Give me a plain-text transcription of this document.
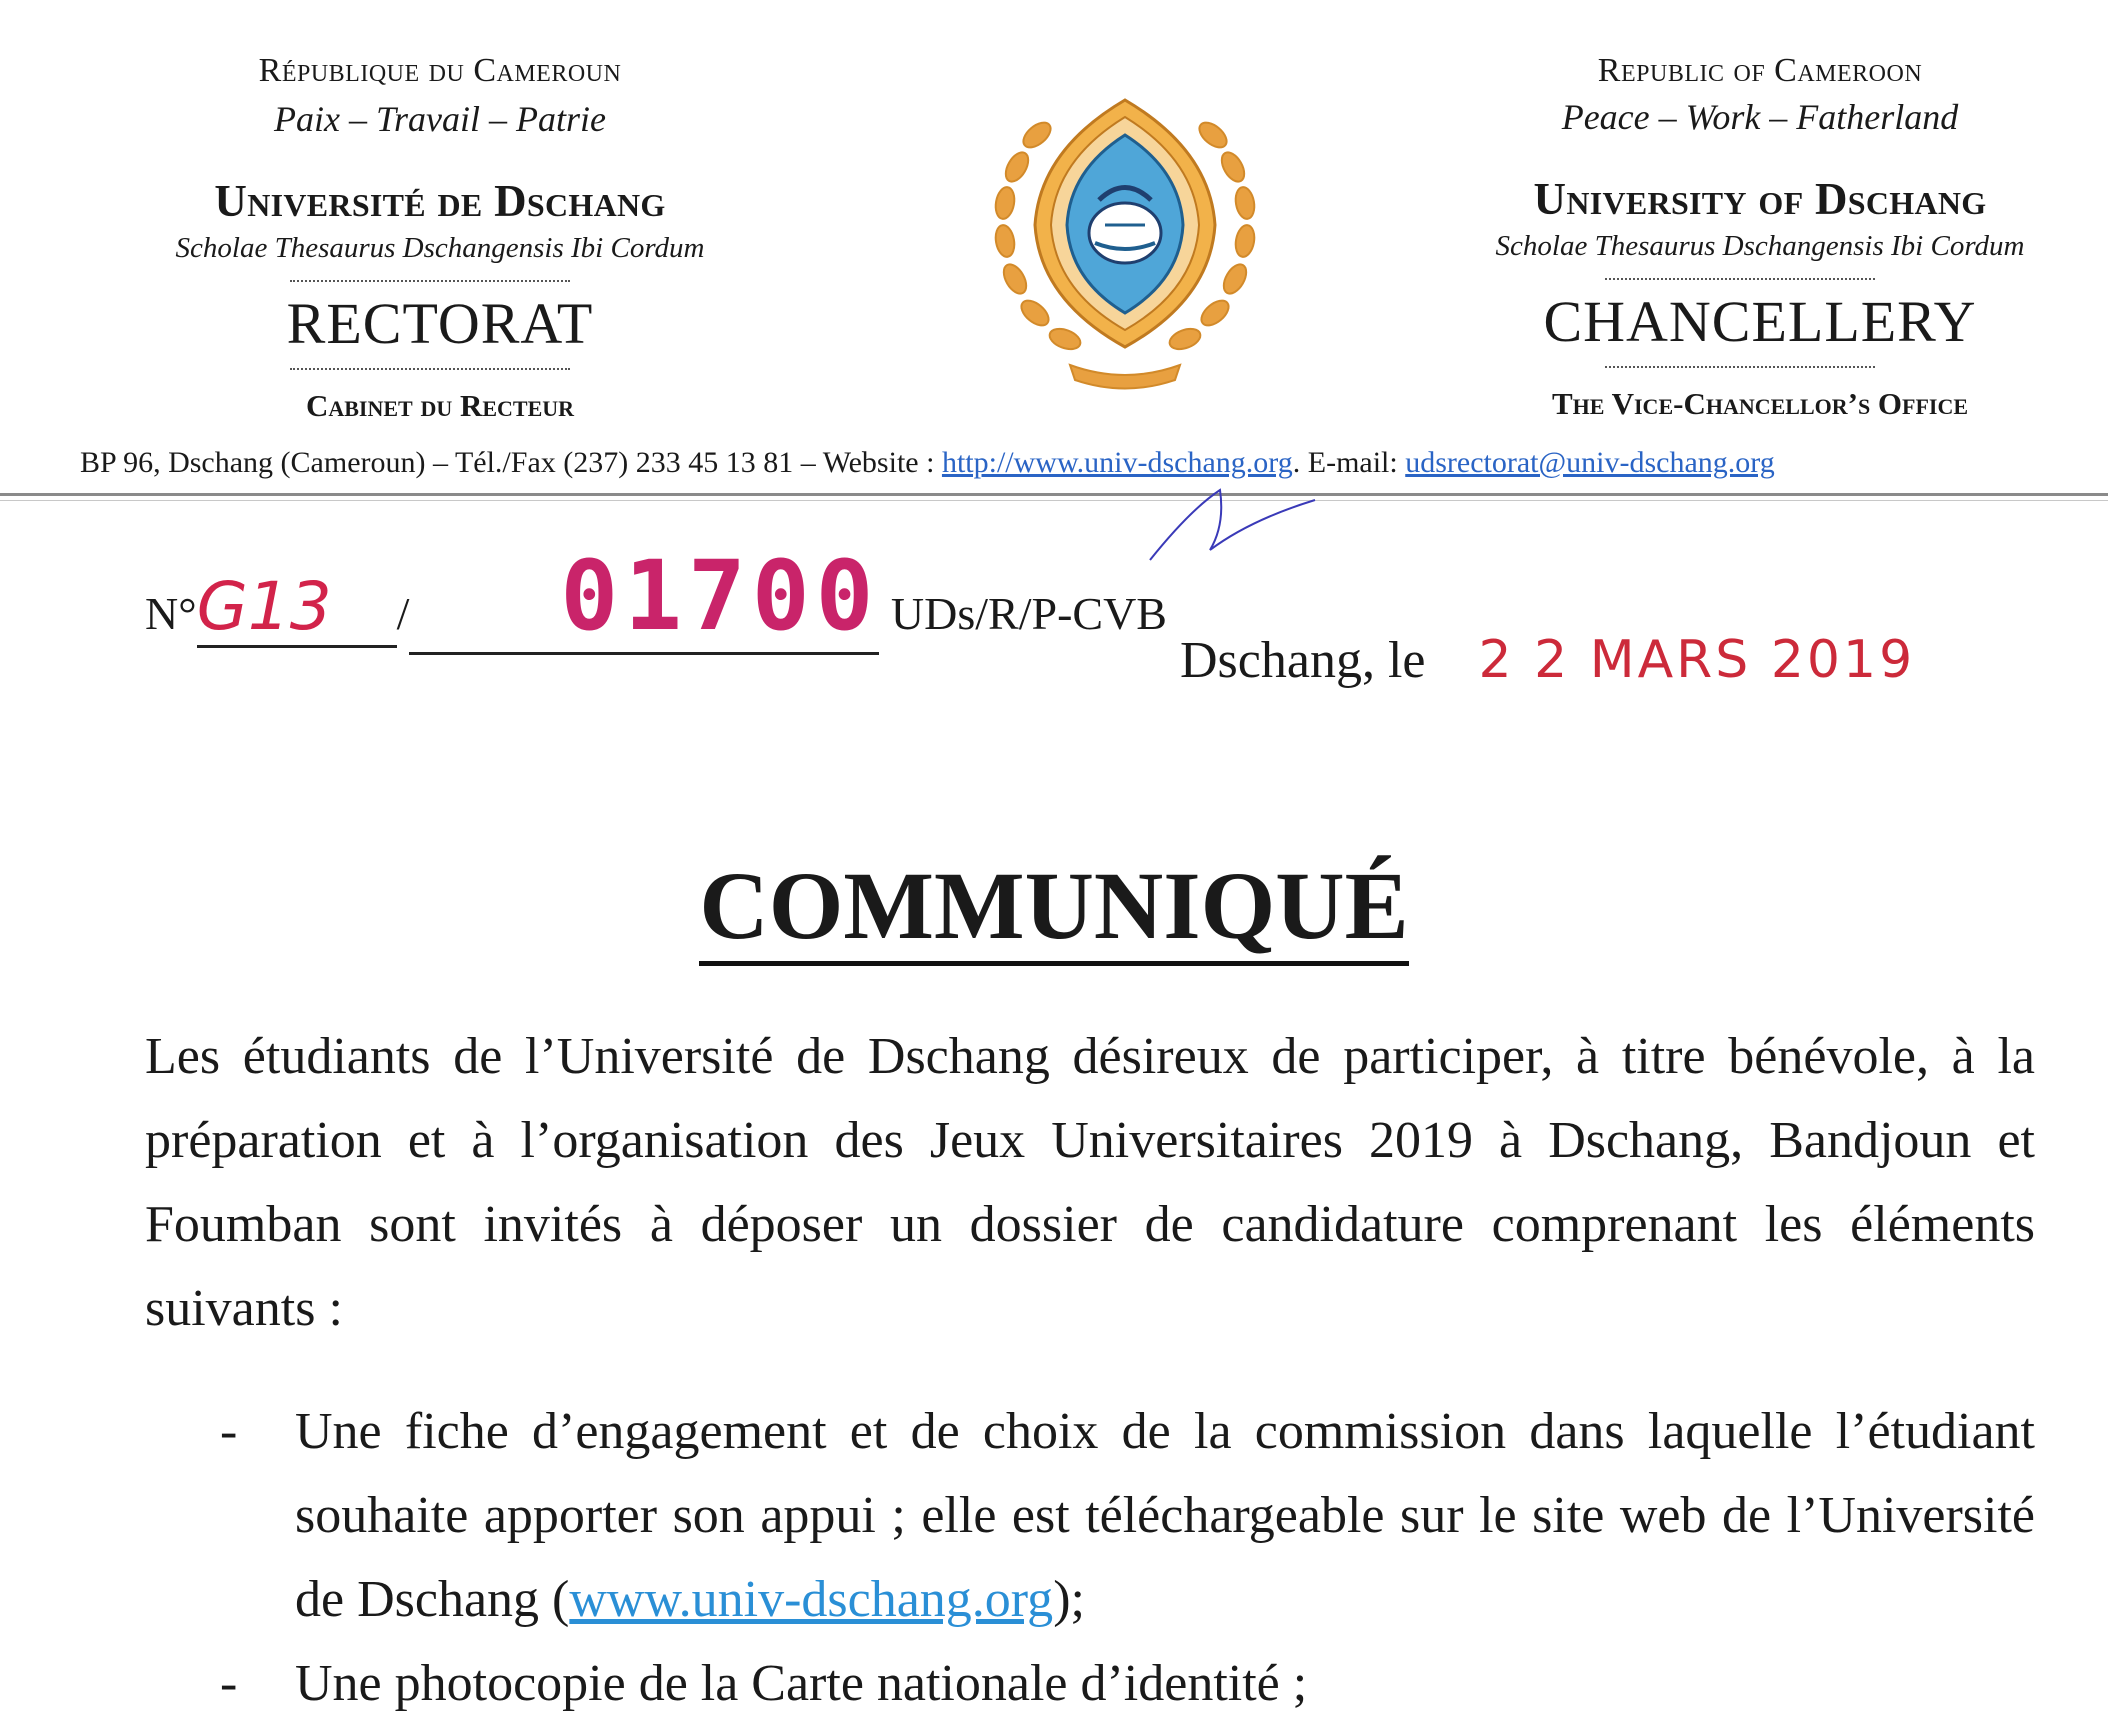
République du Cameroun
Paix – Travail – Patrie
Université de Dschang
Scholae Thesaurus Dschangensis Ibi Cordum
RECTORAT
Cabinet du Recteur
Republic of Cameroon
Peace – Work – Fatherland
University of Dschang
Scholae Thesaurus Dschangensis Ibi Cordum
CHANCELLERY
The Vice-Chancellor’s Office
BP 96, Dschang (Cameroun) – Tél./Fax (237) 233 45 13 81 – Website : http://www.univ-dschang.org. E-mail: udsrectorat@univ-dschang.org
N°G13 / 01700 UDs/R/P-CVB
Dschang, le 2 2 MARS 2019
COMMUNIQUÉ
Les étudiants de l’Université de Dschang désireux de participer, à titre bénévole, à la préparation et à l’organisation des Jeux Universitaires 2019 à Dschang, Bandjoun et Foumban sont invités à déposer un dossier de candidature comprenant les éléments suivants :
- Une fiche d’engagement et de choix de la commission dans laquelle l’étudiant souhaite apporter son appui ; elle est téléchargeable sur le site web de l’Université de Dschang (www.univ-dschang.org);
- Une photocopie de la Carte nationale d’identité ;
